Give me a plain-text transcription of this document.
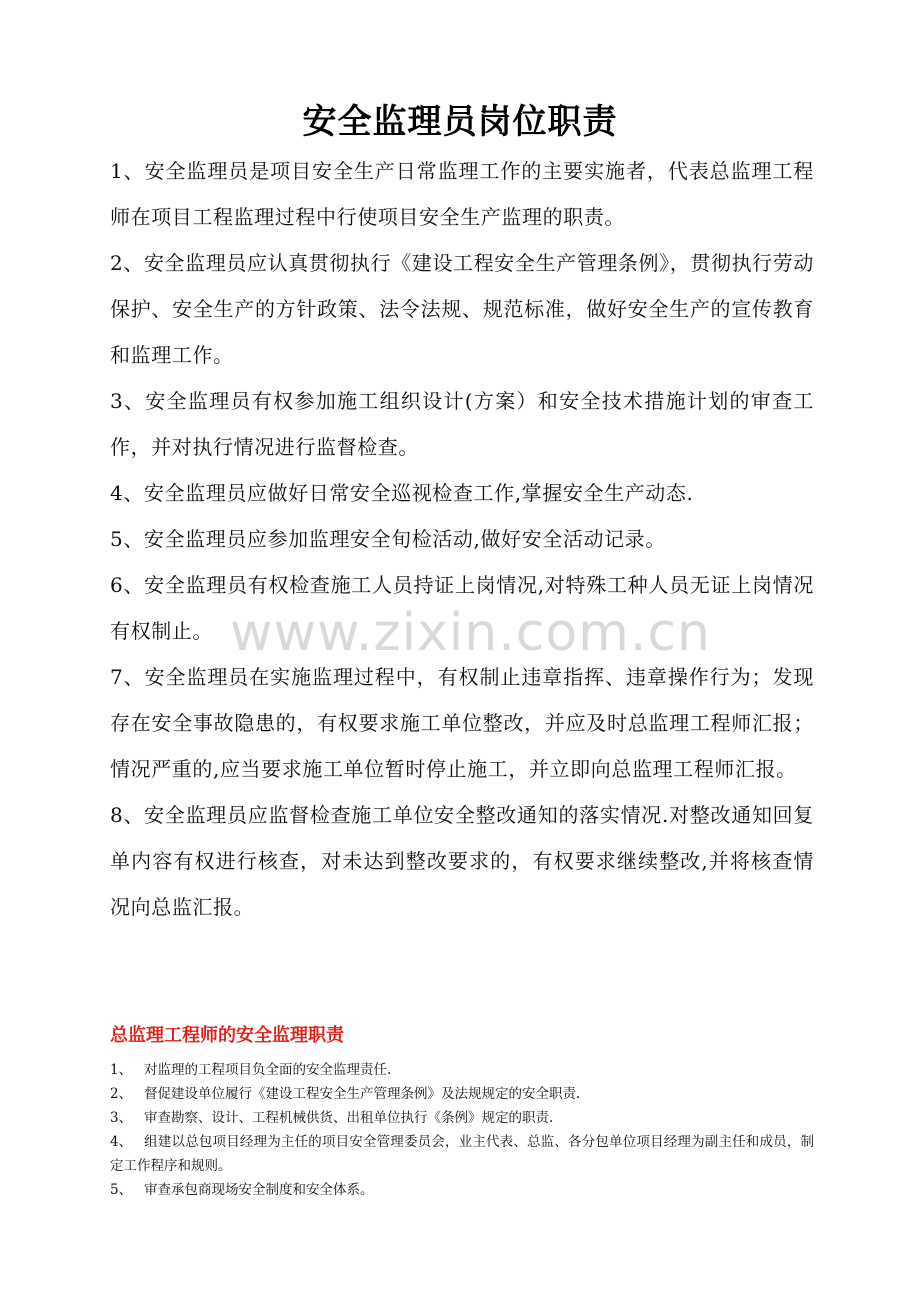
安全监理员岗位职责

1、安全监理员是项目安全生产日常监理工作的主要实施者，代表总监理工程师在项目工程监理过程中行使项目安全生产监理的职责。

2、安全监理员应认真贯彻执行《建设工程安全生产管理条例》，贯彻执行劳动保护、安全生产的方针政策、法令法规、规范标准，做好安全生产的宣传教育和监理工作。

3、安全监理员有权参加施工组织设计(方案）和安全技术措施计划的审查工作，并对执行情况进行监督检查。

4、安全监理员应做好日常安全巡视检查工作,掌握安全生产动态.

5、安全监理员应参加监理安全旬检活动,做好安全活动记录。

6、安全监理员有权检查施工人员持证上岗情况,对特殊工种人员无证上岗情况有权制止。

7、安全监理员在实施监理过程中，有权制止违章指挥、违章操作行为；发现存在安全事故隐患的，有权要求施工单位整改，并应及时总监理工程师汇报；情况严重的,应当要求施工单位暂时停止施工，并立即向总监理工程师汇报。

8、安全监理员应监督检查施工单位安全整改通知的落实情况.对整改通知回复单内容有权进行核查，对未达到整改要求的，有权要求继续整改,并将核查情况向总监汇报。

www.zixin.com.cn
总监理工程师的安全监理职责

1、 对监理的工程项目负全面的安全监理责任.

2、 督促建设单位履行《建设工程安全生产管理条例》及法规规定的安全职责.

3、 审查勘察、设计、工程机械供货、出租单位执行《条例》规定的职责.

4、 组建以总包项目经理为主任的项目安全管理委员会，业主代表、总监、各分包单位项目经理为副主任和成员，制定工作程序和规则。

5、 审查承包商现场安全制度和安全体系。
